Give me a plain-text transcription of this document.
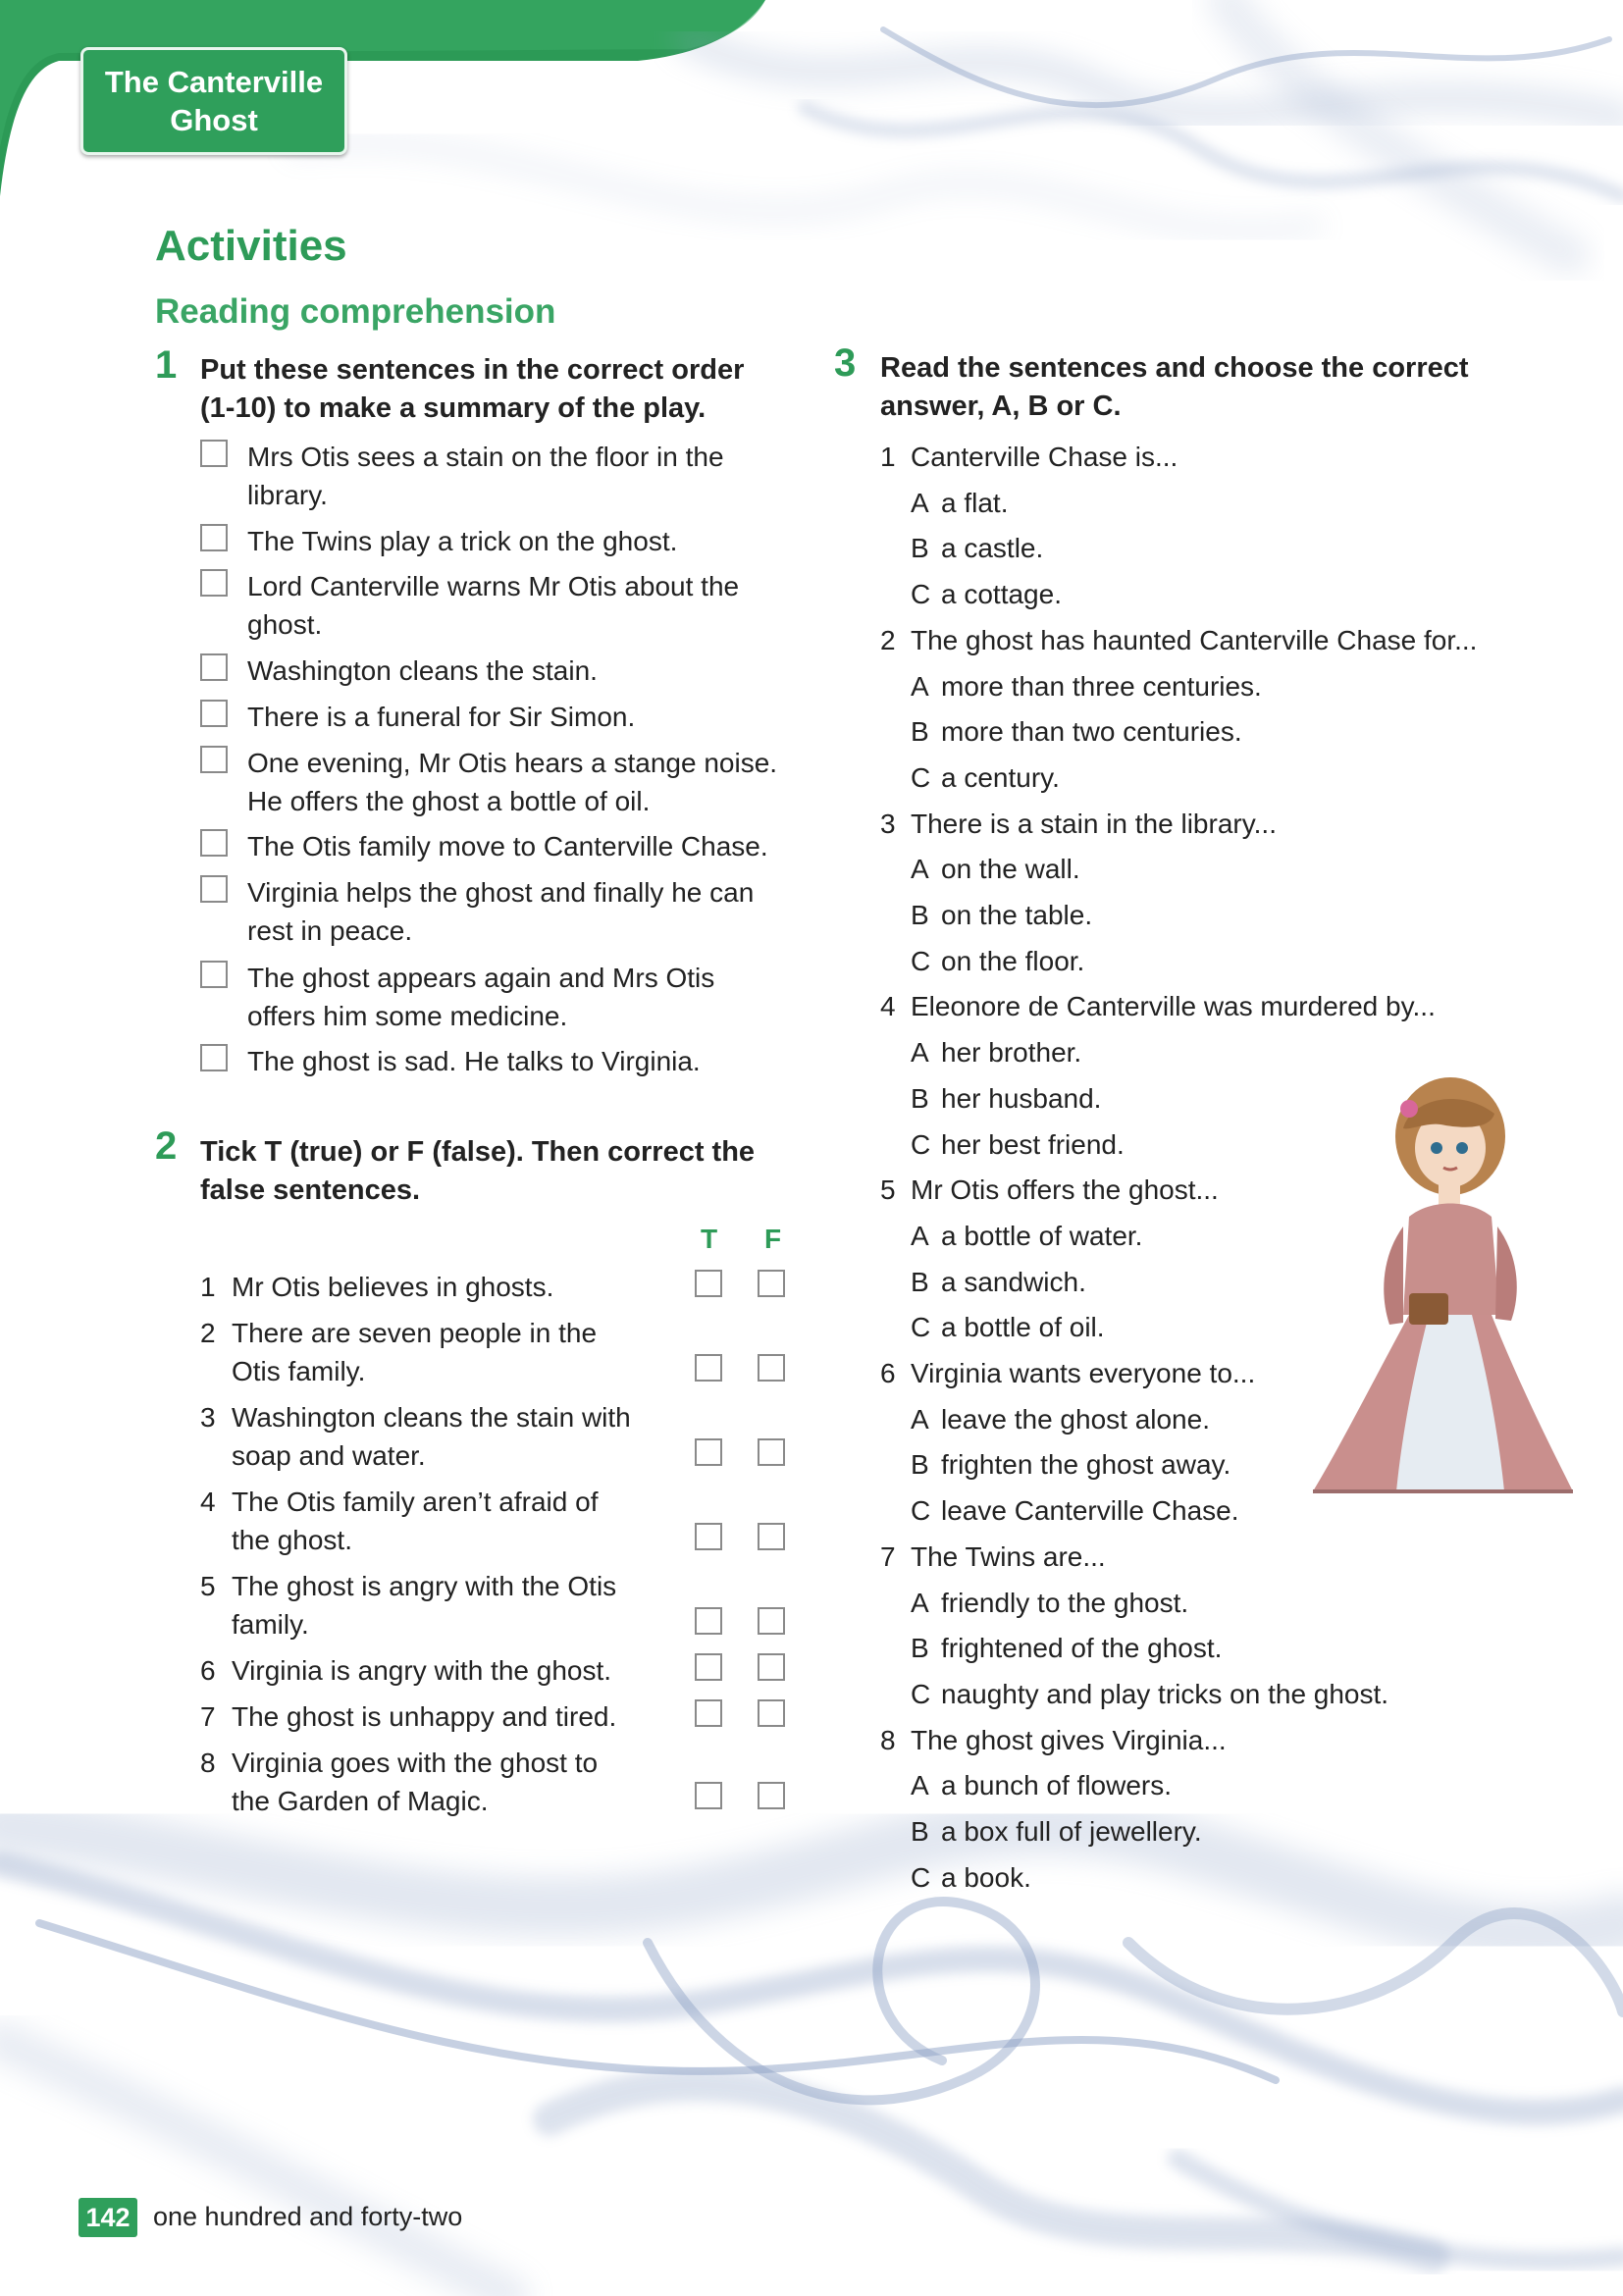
The Canterville
Ghost
Activities
Reading comprehension
1 Put these sentences in the correct order
(1-10) to make a summary of the play.
Mrs Otis sees a stain on the floor in the
library.
The Twins play a trick on the ghost.
Lord Canterville warns Mr Otis about the
ghost.
Washington cleans the stain.
There is a funeral for Sir Simon.
One evening, Mr Otis hears a stange noise.
He offers the ghost a bottle of oil.
The Otis family move to Canterville Chase.
Virginia helps the ghost and finally he can
rest in peace.
The ghost appears again and Mrs Otis
offers him some medicine.
The ghost is sad. He talks to Virginia.
2 Tick T (true) or F (false). Then correct the
false sentences.
T F
1 Mr Otis believes in ghosts.
2 There are seven people in the
Otis family.
3 Washington cleans the stain with
soap and water.
4 The Otis family aren’t afraid of
the ghost.
5 The ghost is angry with the Otis
family.
6 Virginia is angry with the ghost.
7 The ghost is unhappy and tired.
8 Virginia goes with the ghost to
the Garden of Magic.
3 Read the sentences and choose the correct
answer, A, B or C.
1 Canterville Chase is...
A a flat.
B a castle.
C a cottage.
2 The ghost has haunted Canterville Chase for...
A more than three centuries.
B more than two centuries.
C a century.
3 There is a stain in the library...
A on the wall.
B on the table.
C on the floor.
4 Eleonore de Canterville was murdered by...
A her brother.
B her husband.
C her best friend.
5 Mr Otis offers the ghost...
A a bottle of water.
B a sandwich.
C a bottle of oil.
6 Virginia wants everyone to...
A leave the ghost alone.
B frighten the ghost away.
C leave Canterville Chase.
7 The Twins are...
A friendly to the ghost.
B frightened of the ghost.
C naughty and play tricks on the ghost.
8 The ghost gives Virginia...
A a bunch of flowers.
B a box full of jewellery.
C a book.
142 one hundred and forty-two
